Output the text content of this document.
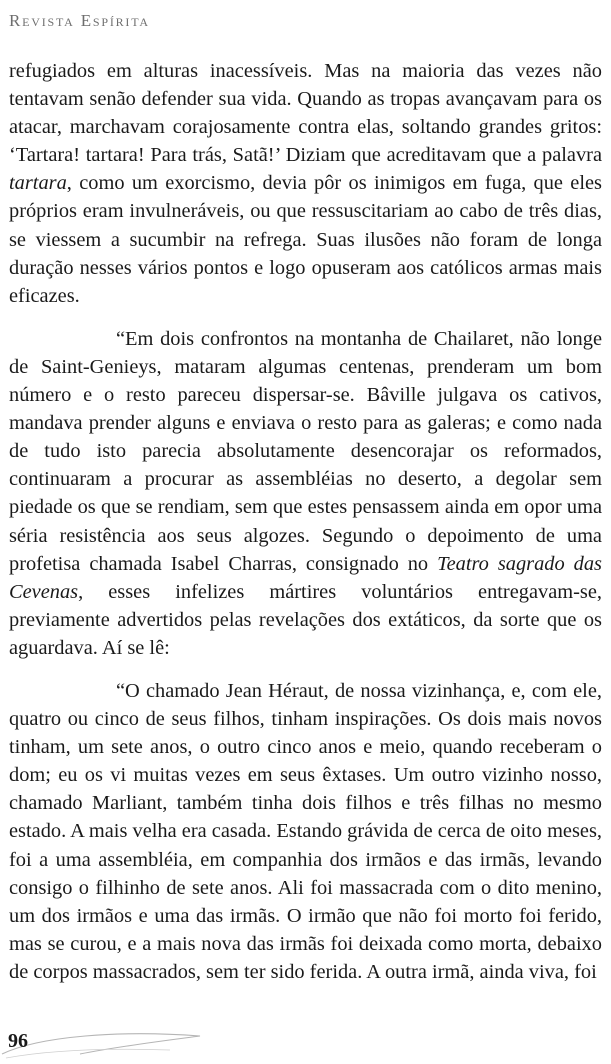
Revista Espírita

refugiados em alturas inacessíveis. Mas na maioria das vezes não tentavam senão defender sua vida. Quando as tropas avançavam para os atacar, marchavam corajosamente contra elas, soltando grandes gritos: ‘Tartara! tartara! Para trás, Satã!’ Diziam que acreditavam que a palavra tartara, como um exorcismo, devia pôr os inimigos em fuga, que eles próprios eram invulneráveis, ou que ressuscitariam ao cabo de três dias, se viessem a sucumbir na refrega. Suas ilusões não foram de longa duração nesses vários pontos e logo opuseram aos católicos armas mais eficazes.

“Em dois confrontos na montanha de Chailaret, não longe de Saint-Genieys, mataram algumas centenas, prenderam um bom número e o resto pareceu dispersar-se. Bâville julgava os cativos, mandava prender alguns e enviava o resto para as galeras; e como nada de tudo isto parecia absolutamente desencorajar os reformados, continuaram a procurar as assembléias no deserto, a degolar sem piedade os que se rendiam, sem que estes pensassem ainda em opor uma séria resistência aos seus algozes. Segundo o depoimento de uma profetisa chamada Isabel Charras, consignado no Teatro sagrado das Cevenas, esses infelizes mártires voluntários entregavam-se, previamente advertidos pelas revelações dos extáticos, da sorte que os aguardava. Aí se lê:

“O chamado Jean Héraut, de nossa vizinhança, e, com ele, quatro ou cinco de seus filhos, tinham inspirações. Os dois mais novos tinham, um sete anos, o outro cinco anos e meio, quando receberam o dom; eu os vi muitas vezes em seus êxtases. Um outro vizinho nosso, chamado Marliant, também tinha dois filhos e três filhas no mesmo estado. A mais velha era casada. Estando grávida de cerca de oito meses, foi a uma assembléia, em companhia dos irmãos e das irmãs, levando consigo o filhinho de sete anos. Ali foi massacrada com o dito menino, um dos irmãos e uma das irmãs. O irmão que não foi morto foi ferido, mas se curou, e a mais nova das irmãs foi deixada como morta, debaixo de corpos massacrados, sem ter sido ferida. A outra irmã, ainda viva, foi

96
